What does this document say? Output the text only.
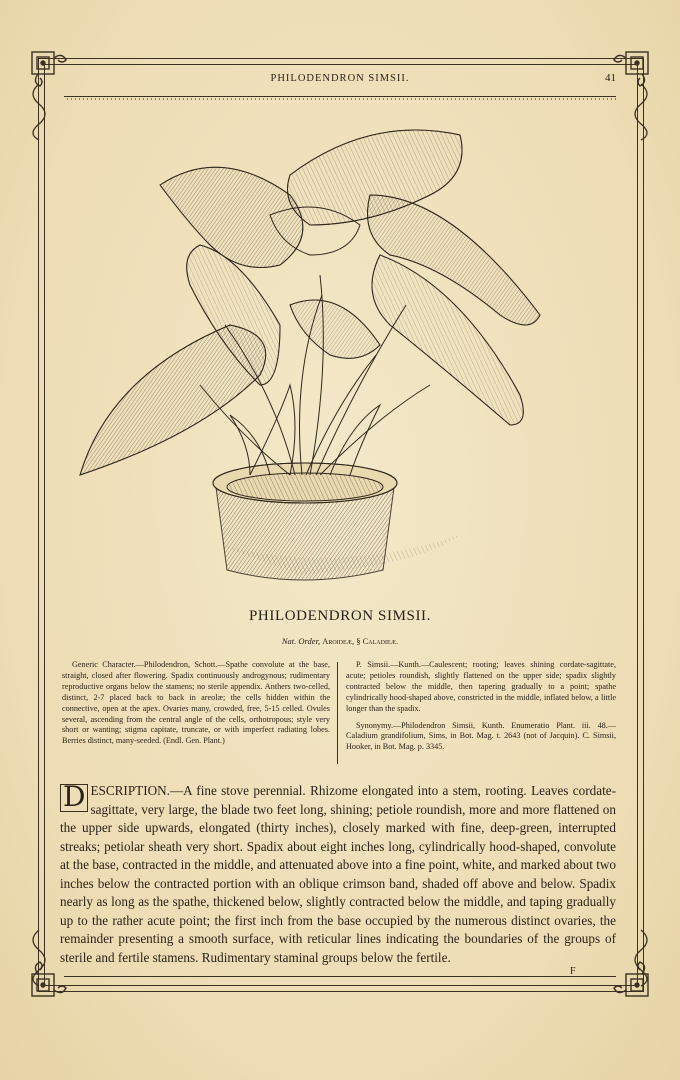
PHILODENDRON SIMSII.	41
PHILODENDRON SIMSII.
Nat. Order, Aroideæ, § Caladieæ.

Generic Character.—Philodendron, Schott.—Spathe convolute at the base, straight, closed after flowering. Spadix continuously androgynous; rudimentary reproductive organs below the stamens; no sterile appendix. Anthers two-celled, distinct, 2-7 placed back to back in areolæ; the cells hidden within the connective, open at the apex. Ovaries many, crowded, free, 5-15 celled. Ovules several, ascending from the central angle of the cells, orthotropous; style very short or wanting; stigma capitate, truncate, or with imperfect radiating lobes. Berries distinct, many-seeded. (Endl. Gen. Plant.)

P. Simsii.—Kunth.—Caulescent; rooting; leaves shining cordate-sagittate, acute; petioles roundish, slightly flattened on the upper side; spadix slightly contracted below the middle, then tapering gradually to a point; spathe cylindrically hood-shaped above, constricted in the middle, inflated below, a little longer than the spadix.

Synonymy.—Philodendron Simsii, Kunth. Enumeratio Plant. iii. 48.—Caladium grandifolium, Sims, in Bot. Mag. t. 2643 (not of Jacquin). C. Simsii, Hooker, in Bot. Mag. p. 3345.

D ESCRIPTION.—A fine stove perennial. Rhizome elongated into a stem, rooting. Leaves cordate-sagittate, very large, the blade two feet long, shining; petiole roundish, more and more flattened on the upper side upwards, elongated (thirty inches), closely marked with fine, deep-green, interrupted streaks; petiolar sheath very short. Spadix about eight inches long, cylindrically hood-shaped, convolute at the base, contracted in the middle, and attenuated above into a fine point, white, and marked about two inches below the contracted portion with an oblique crimson band, shaded off above and below. Spadix nearly as long as the spathe, thickened below, slightly contracted below the middle, and taping gradually up to the rather acute point; the first inch from the base occupied by the numerous distinct ovaries, the remainder presenting a smooth surface, with reticular lines indicating the boundaries of the groups of sterile and fertile stamens. Rudimentary staminal groups below the fertile.
F
